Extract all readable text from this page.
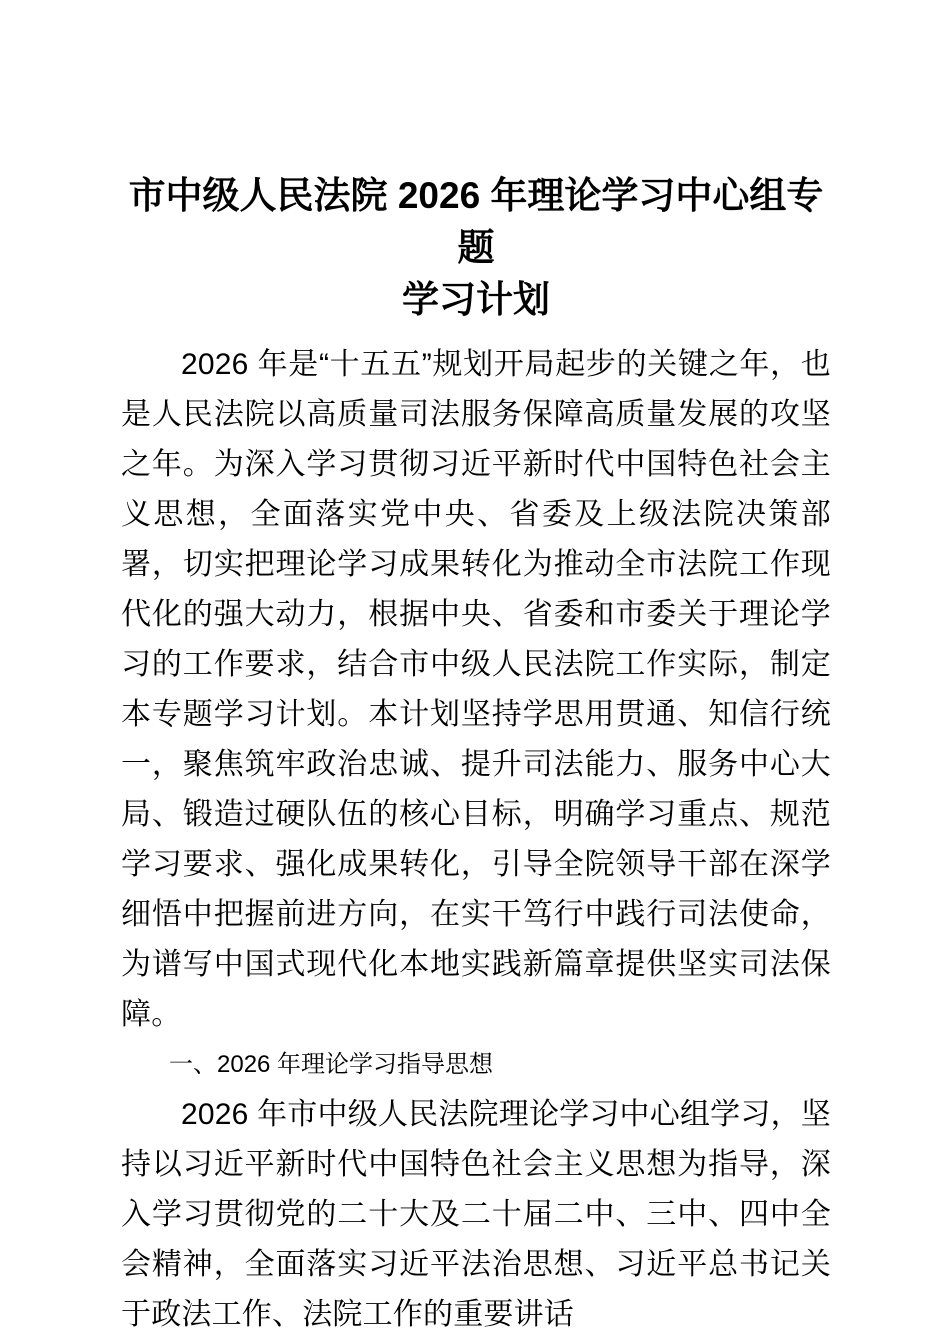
市中级人民法院 2026 年理论学习中心组专题
学习计划

2026 年是“十五五”规划开局起步的关键之年，也是人民法院以高质量司法服务保障高质量发展的攻坚之年。为深入学习贯彻习近平新时代中国特色社会主义思想，全面落实党中央、省委及上级法院决策部署，切实把理论学习成果转化为推动全市法院工作现代化的强大动力，根据中央、省委和市委关于理论学习的工作要求，结合市中级人民法院工作实际，制定本专题学习计划。本计划坚持学思用贯通、知信行统一，聚焦筑牢政治忠诚、提升司法能力、服务中心大局、锻造过硬队伍的核心目标，明确学习重点、规范学习要求、强化成果转化，引导全院领导干部在深学细悟中把握前进方向，在实干笃行中践行司法使命，为谱写中国式现代化本地实践新篇章提供坚实司法保障。

一、2026 年理论学习指导思想

2026 年市中级人民法院理论学习中心组学习，坚持以习近平新时代中国特色社会主义思想为指导，深入学习贯彻党的二十大及二十届二中、三中、四中全会精神，全面落实习近平法治思想、习近平总书记关于政法工作、法院工作的重要讲话
